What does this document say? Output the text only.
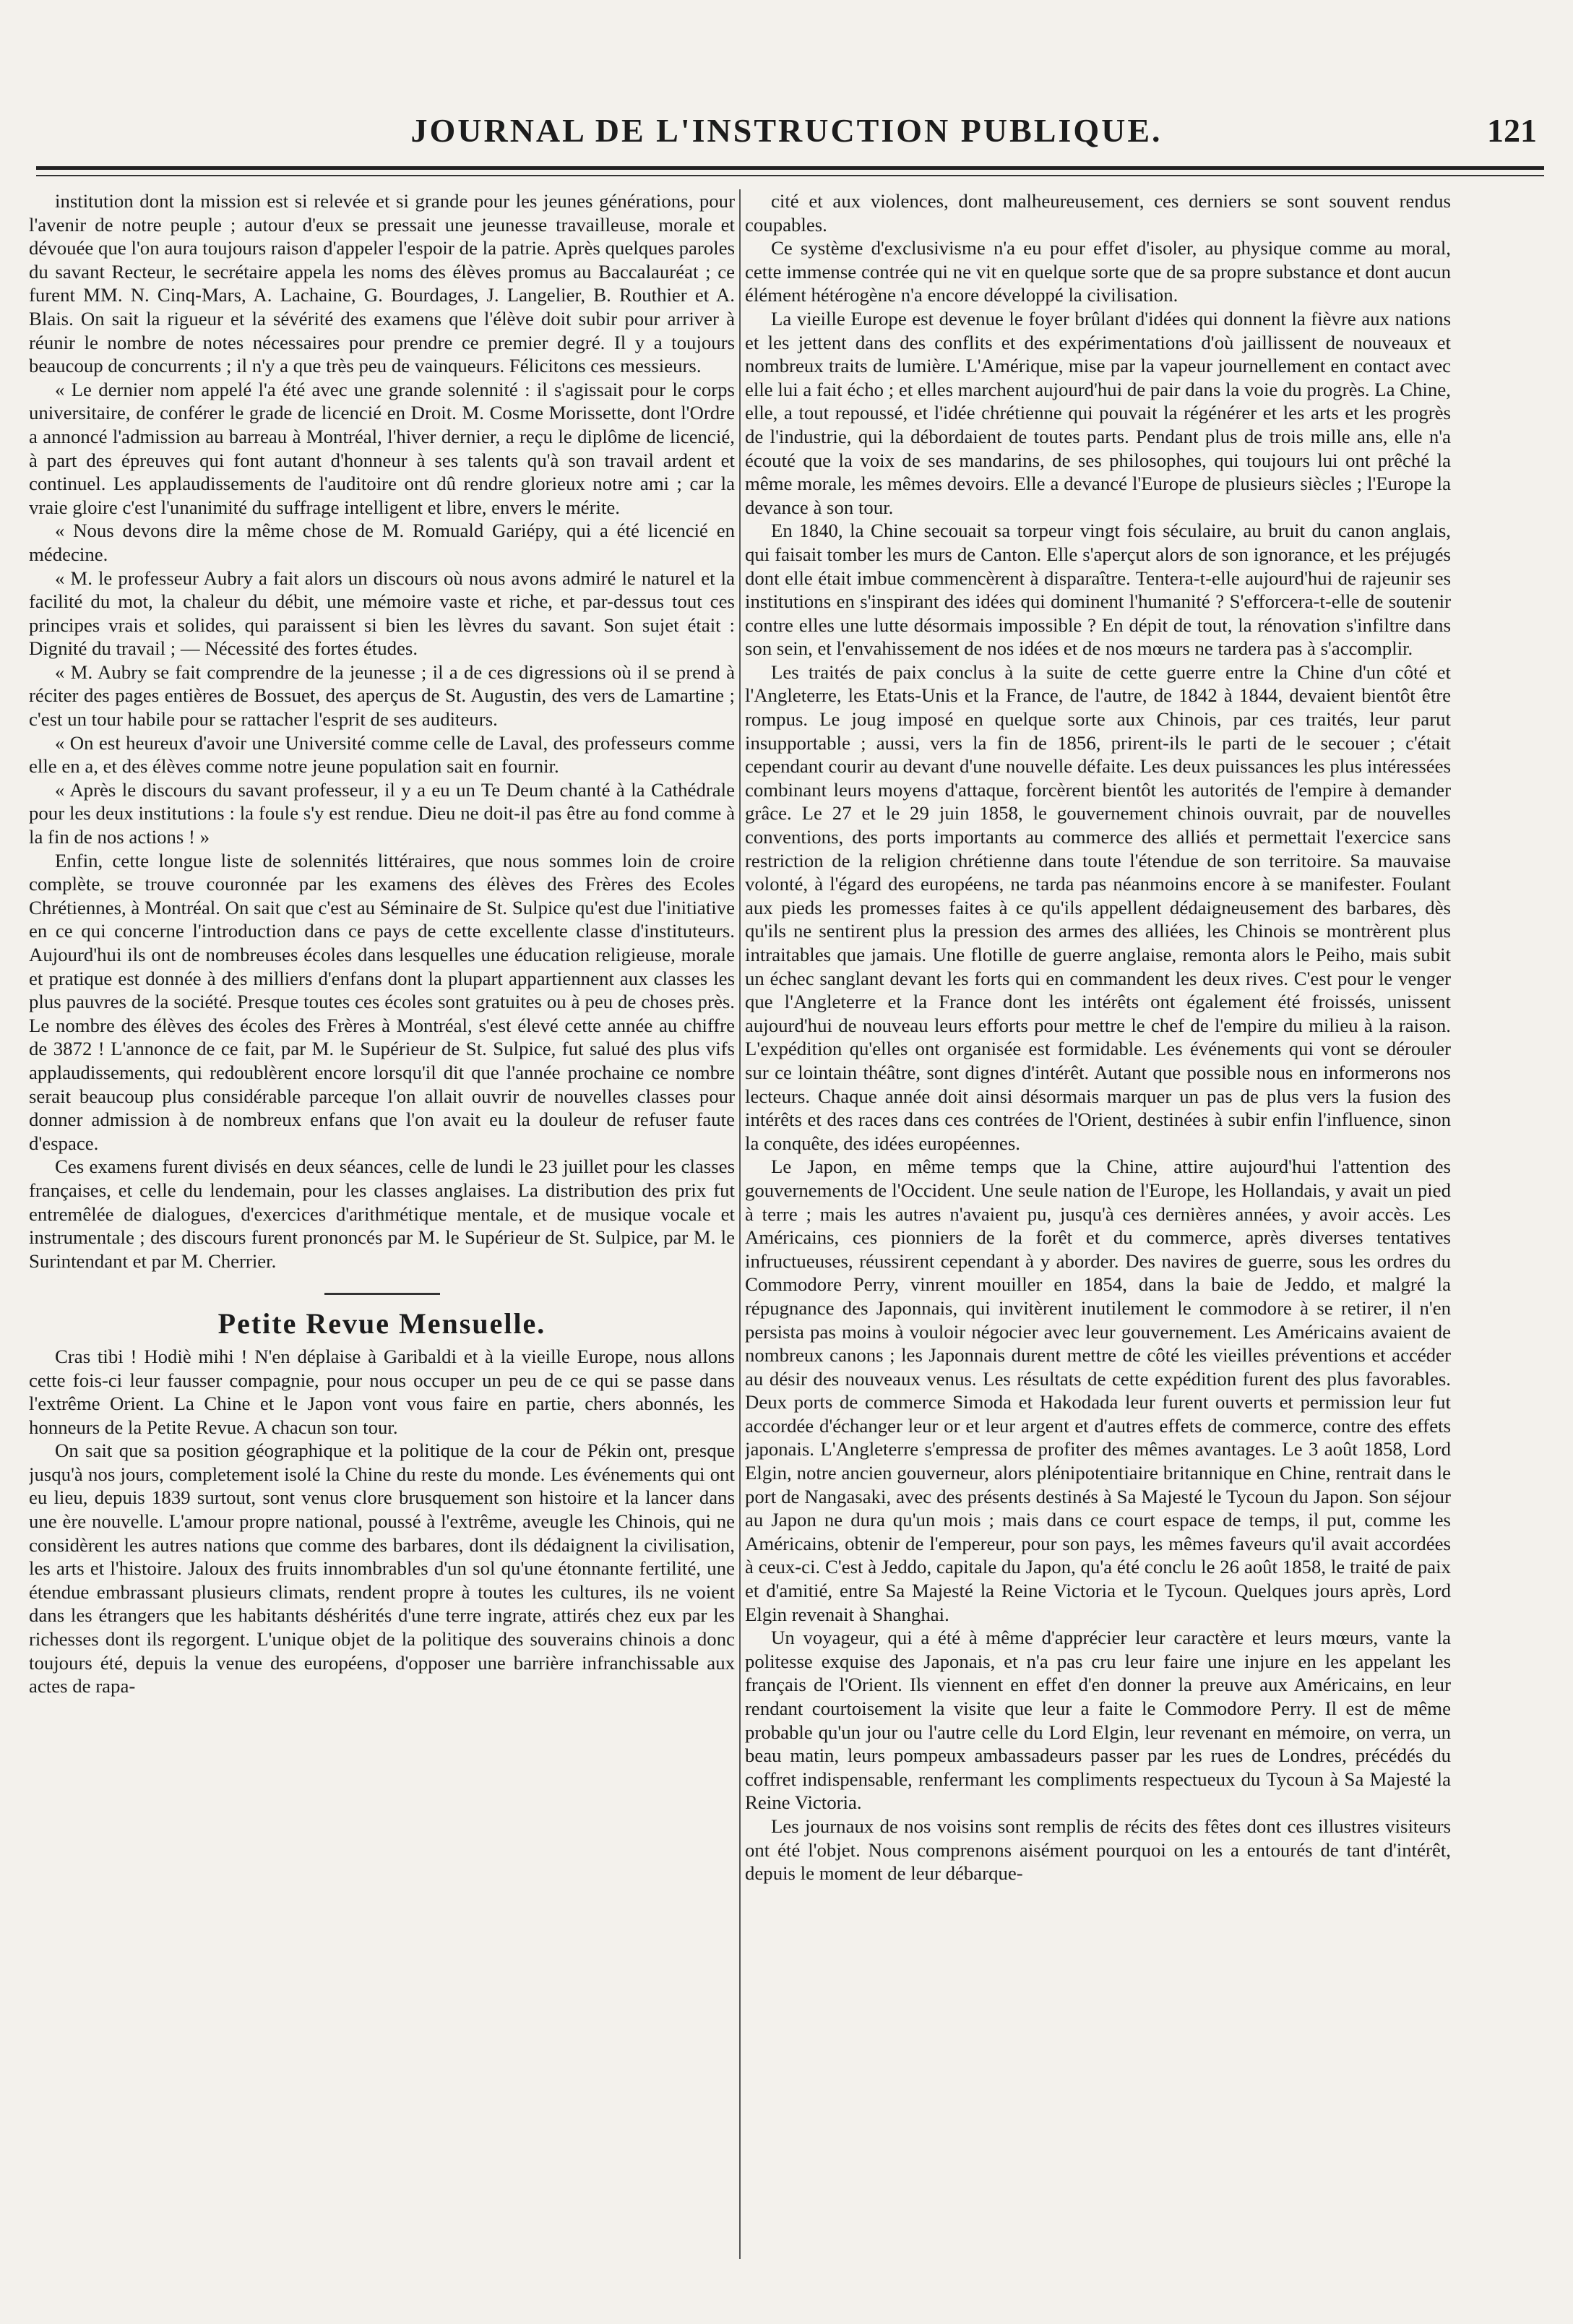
JOURNAL DE L'INSTRUCTION PUBLIQUE.	121

institution dont la mission est si relevée et si grande pour les jeunes générations, pour l'avenir de notre peuple ; autour d'eux se pressait une jeunesse travailleuse, morale et dévouée que l'on aura toujours raison d'appeler l'espoir de la patrie. Après quelques paroles du savant Recteur, le secrétaire appela les noms des élèves promus au Baccalauréat ; ce furent MM. N. Cinq-Mars, A. Lachaine, G. Bourdages, J. Langelier, B. Routhier et A. Blais. On sait la rigueur et la sévérité des examens que l'élève doit subir pour arriver à réunir le nombre de notes nécessaires pour prendre ce premier degré. Il y a toujours beaucoup de concurrents ; il n'y a que très peu de vainqueurs. Félicitons ces messieurs.

« Le dernier nom appelé l'a été avec une grande solennité : il s'agissait pour le corps universitaire, de conférer le grade de licencié en Droit. M. Cosme Morissette, dont l'Ordre a annoncé l'admission au barreau à Montréal, l'hiver dernier, a reçu le diplôme de licencié, à part des épreuves qui font autant d'honneur à ses talents qu'à son travail ardent et continuel. Les applaudissements de l'auditoire ont dû rendre glorieux notre ami ; car la vraie gloire c'est l'unanimité du suffrage intelligent et libre, envers le mérite.

« Nous devons dire la même chose de M. Romuald Gariépy, qui a été licencié en médecine.

« M. le professeur Aubry a fait alors un discours où nous avons admiré le naturel et la facilité du mot, la chaleur du débit, une mémoire vaste et riche, et par-dessus tout ces principes vrais et solides, qui paraissent si bien les lèvres du savant. Son sujet était : Dignité du travail ; — Nécessité des fortes études.

« M. Aubry se fait comprendre de la jeunesse ; il a de ces digressions où il se prend à réciter des pages entières de Bossuet, des aperçus de St. Augustin, des vers de Lamartine ; c'est un tour habile pour se rattacher l'esprit de ses auditeurs.

« On est heureux d'avoir une Université comme celle de Laval, des professeurs comme elle en a, et des élèves comme notre jeune population sait en fournir.

« Après le discours du savant professeur, il y a eu un Te Deum chanté à la Cathédrale pour les deux institutions : la foule s'y est rendue. Dieu ne doit-il pas être au fond comme à la fin de nos actions ! »

Enfin, cette longue liste de solennités littéraires, que nous sommes loin de croire complète, se trouve couronnée par les examens des élèves des Frères des Ecoles Chrétiennes, à Montréal. On sait que c'est au Séminaire de St. Sulpice qu'est due l'initiative en ce qui concerne l'introduction dans ce pays de cette excellente classe d'instituteurs. Aujourd'hui ils ont de nombreuses écoles dans lesquelles une éducation religieuse, morale et pratique est donnée à des milliers d'enfans dont la plupart appartiennent aux classes les plus pauvres de la société. Presque toutes ces écoles sont gratuites ou à peu de choses près. Le nombre des élèves des écoles des Frères à Montréal, s'est élevé cette année au chiffre de 3872 ! L'annonce de ce fait, par M. le Supérieur de St. Sulpice, fut salué des plus vifs applaudissements, qui redoublèrent encore lorsqu'il dit que l'année prochaine ce nombre serait beaucoup plus considérable parceque l'on allait ouvrir de nouvelles classes pour donner admission à de nombreux enfans que l'on avait eu la douleur de refuser faute d'espace.

Ces examens furent divisés en deux séances, celle de lundi le 23 juillet pour les classes françaises, et celle du lendemain, pour les classes anglaises. La distribution des prix fut entremêlée de dialogues, d'exercices d'arithmétique mentale, et de musique vocale et instrumentale ; des discours furent prononcés par M. le Supérieur de St. Sulpice, par M. le Surintendant et par M. Cherrier.

Petite Revue Mensuelle.

Cras tibi ! Hodiè mihi ! N'en déplaise à Garibaldi et à la vieille Europe, nous allons cette fois-ci leur fausser compagnie, pour nous occuper un peu de ce qui se passe dans l'extrême Orient. La Chine et le Japon vont vous faire en partie, chers abonnés, les honneurs de la Petite Revue. A chacun son tour.

On sait que sa position géographique et la politique de la cour de Pékin ont, presque jusqu'à nos jours, completement isolé la Chine du reste du monde. Les événements qui ont eu lieu, depuis 1839 surtout, sont venus clore brusquement son histoire et la lancer dans une ère nouvelle. L'amour propre national, poussé à l'extrême, aveugle les Chinois, qui ne considèrent les autres nations que comme des barbares, dont ils dédaignent la civilisation, les arts et l'histoire. Jaloux des fruits innombrables d'un sol qu'une étonnante fertilité, une étendue embrassant plusieurs climats, rendent propre à toutes les cultures, ils ne voient dans les étrangers que les habitants déshérités d'une terre ingrate, attirés chez eux par les richesses dont ils regorgent. L'unique objet de la politique des souverains chinois a donc toujours été, depuis la venue des européens, d'opposer une barrière infranchissable aux actes de rapa-

cité et aux violences, dont malheureusement, ces derniers se sont souvent rendus coupables.

Ce système d'exclusivisme n'a eu pour effet d'isoler, au physique comme au moral, cette immense contrée qui ne vit en quelque sorte que de sa propre substance et dont aucun élément hétérogène n'a encore développé la civilisation.

La vieille Europe est devenue le foyer brûlant d'idées qui donnent la fièvre aux nations et les jettent dans des conflits et des expérimentations d'où jaillissent de nouveaux et nombreux traits de lumière. L'Amérique, mise par la vapeur journellement en contact avec elle lui a fait écho ; et elles marchent aujourd'hui de pair dans la voie du progrès. La Chine, elle, a tout repoussé, et l'idée chrétienne qui pouvait la régénérer et les arts et les progrès de l'industrie, qui la débordaient de toutes parts. Pendant plus de trois mille ans, elle n'a écouté que la voix de ses mandarins, de ses philosophes, qui toujours lui ont prêché la même morale, les mêmes devoirs. Elle a devancé l'Europe de plusieurs siècles ; l'Europe la devance à son tour.

En 1840, la Chine secouait sa torpeur vingt fois séculaire, au bruit du canon anglais, qui faisait tomber les murs de Canton. Elle s'aperçut alors de son ignorance, et les préjugés dont elle était imbue commencèrent à disparaître. Tentera-t-elle aujourd'hui de rajeunir ses institutions en s'inspirant des idées qui dominent l'humanité ? S'efforcera-t-elle de soutenir contre elles une lutte désormais impossible ? En dépit de tout, la rénovation s'infiltre dans son sein, et l'envahissement de nos idées et de nos mœurs ne tardera pas à s'accomplir.

Les traités de paix conclus à la suite de cette guerre entre la Chine d'un côté et l'Angleterre, les Etats-Unis et la France, de l'autre, de 1842 à 1844, devaient bientôt être rompus. Le joug imposé en quelque sorte aux Chinois, par ces traités, leur parut insupportable ; aussi, vers la fin de 1856, prirent-ils le parti de le secouer ; c'était cependant courir au devant d'une nouvelle défaite. Les deux puissances les plus intéressées combinant leurs moyens d'attaque, forcèrent bientôt les autorités de l'empire à demander grâce. Le 27 et le 29 juin 1858, le gouvernement chinois ouvrait, par de nouvelles conventions, des ports importants au commerce des alliés et permettait l'exercice sans restriction de la religion chrétienne dans toute l'étendue de son territoire. Sa mauvaise volonté, à l'égard des européens, ne tarda pas néanmoins encore à se manifester. Foulant aux pieds les promesses faites à ce qu'ils appellent dédaigneusement des barbares, dès qu'ils ne sentirent plus la pression des armes des alliées, les Chinois se montrèrent plus intraitables que jamais. Une flotille de guerre anglaise, remonta alors le Peiho, mais subit un échec sanglant devant les forts qui en commandent les deux rives. C'est pour le venger que l'Angleterre et la France dont les intérêts ont également été froissés, unissent aujourd'hui de nouveau leurs efforts pour mettre le chef de l'empire du milieu à la raison. L'expédition qu'elles ont organisée est formidable. Les événements qui vont se dérouler sur ce lointain théâtre, sont dignes d'intérêt. Autant que possible nous en informerons nos lecteurs. Chaque année doit ainsi désormais marquer un pas de plus vers la fusion des intérêts et des races dans ces contrées de l'Orient, destinées à subir enfin l'influence, sinon la conquête, des idées européennes.

Le Japon, en même temps que la Chine, attire aujourd'hui l'attention des gouvernements de l'Occident. Une seule nation de l'Europe, les Hollandais, y avait un pied à terre ; mais les autres n'avaient pu, jusqu'à ces dernières années, y avoir accès. Les Américains, ces pionniers de la forêt et du commerce, après diverses tentatives infructueuses, réussirent cependant à y aborder. Des navires de guerre, sous les ordres du Commodore Perry, vinrent mouiller en 1854, dans la baie de Jeddo, et malgré la répugnance des Japonnais, qui invitèrent inutilement le commodore à se retirer, il n'en persista pas moins à vouloir négocier avec leur gouvernement. Les Américains avaient de nombreux canons ; les Japonnais durent mettre de côté les vieilles préventions et accéder au désir des nouveaux venus. Les résultats de cette expédition furent des plus favorables. Deux ports de commerce Simoda et Hakodada leur furent ouverts et permission leur fut accordée d'échanger leur or et leur argent et d'autres effets de commerce, contre des effets japonais. L'Angleterre s'empressa de profiter des mêmes avantages. Le 3 août 1858, Lord Elgin, notre ancien gouverneur, alors plénipotentiaire britannique en Chine, rentrait dans le port de Nangasaki, avec des présents destinés à Sa Majesté le Tycoun du Japon. Son séjour au Japon ne dura qu'un mois ; mais dans ce court espace de temps, il put, comme les Américains, obtenir de l'empereur, pour son pays, les mêmes faveurs qu'il avait accordées à ceux-ci. C'est à Jeddo, capitale du Japon, qu'a été conclu le 26 août 1858, le traité de paix et d'amitié, entre Sa Majesté la Reine Victoria et le Tycoun. Quelques jours après, Lord Elgin revenait à Shanghai.

Un voyageur, qui a été à même d'apprécier leur caractère et leurs mœurs, vante la politesse exquise des Japonais, et n'a pas cru leur faire une injure en les appelant les français de l'Orient. Ils viennent en effet d'en donner la preuve aux Américains, en leur rendant courtoisement la visite que leur a faite le Commodore Perry. Il est de même probable qu'un jour ou l'autre celle du Lord Elgin, leur revenant en mémoire, on verra, un beau matin, leurs pompeux ambassadeurs passer par les rues de Londres, précédés du coffret indispensable, renfermant les compliments respectueux du Tycoun à Sa Majesté la Reine Victoria.

Les journaux de nos voisins sont remplis de récits des fêtes dont ces illustres visiteurs ont été l'objet. Nous comprenons aisément pourquoi on les a entourés de tant d'intérêt, depuis le moment de leur débarque-
